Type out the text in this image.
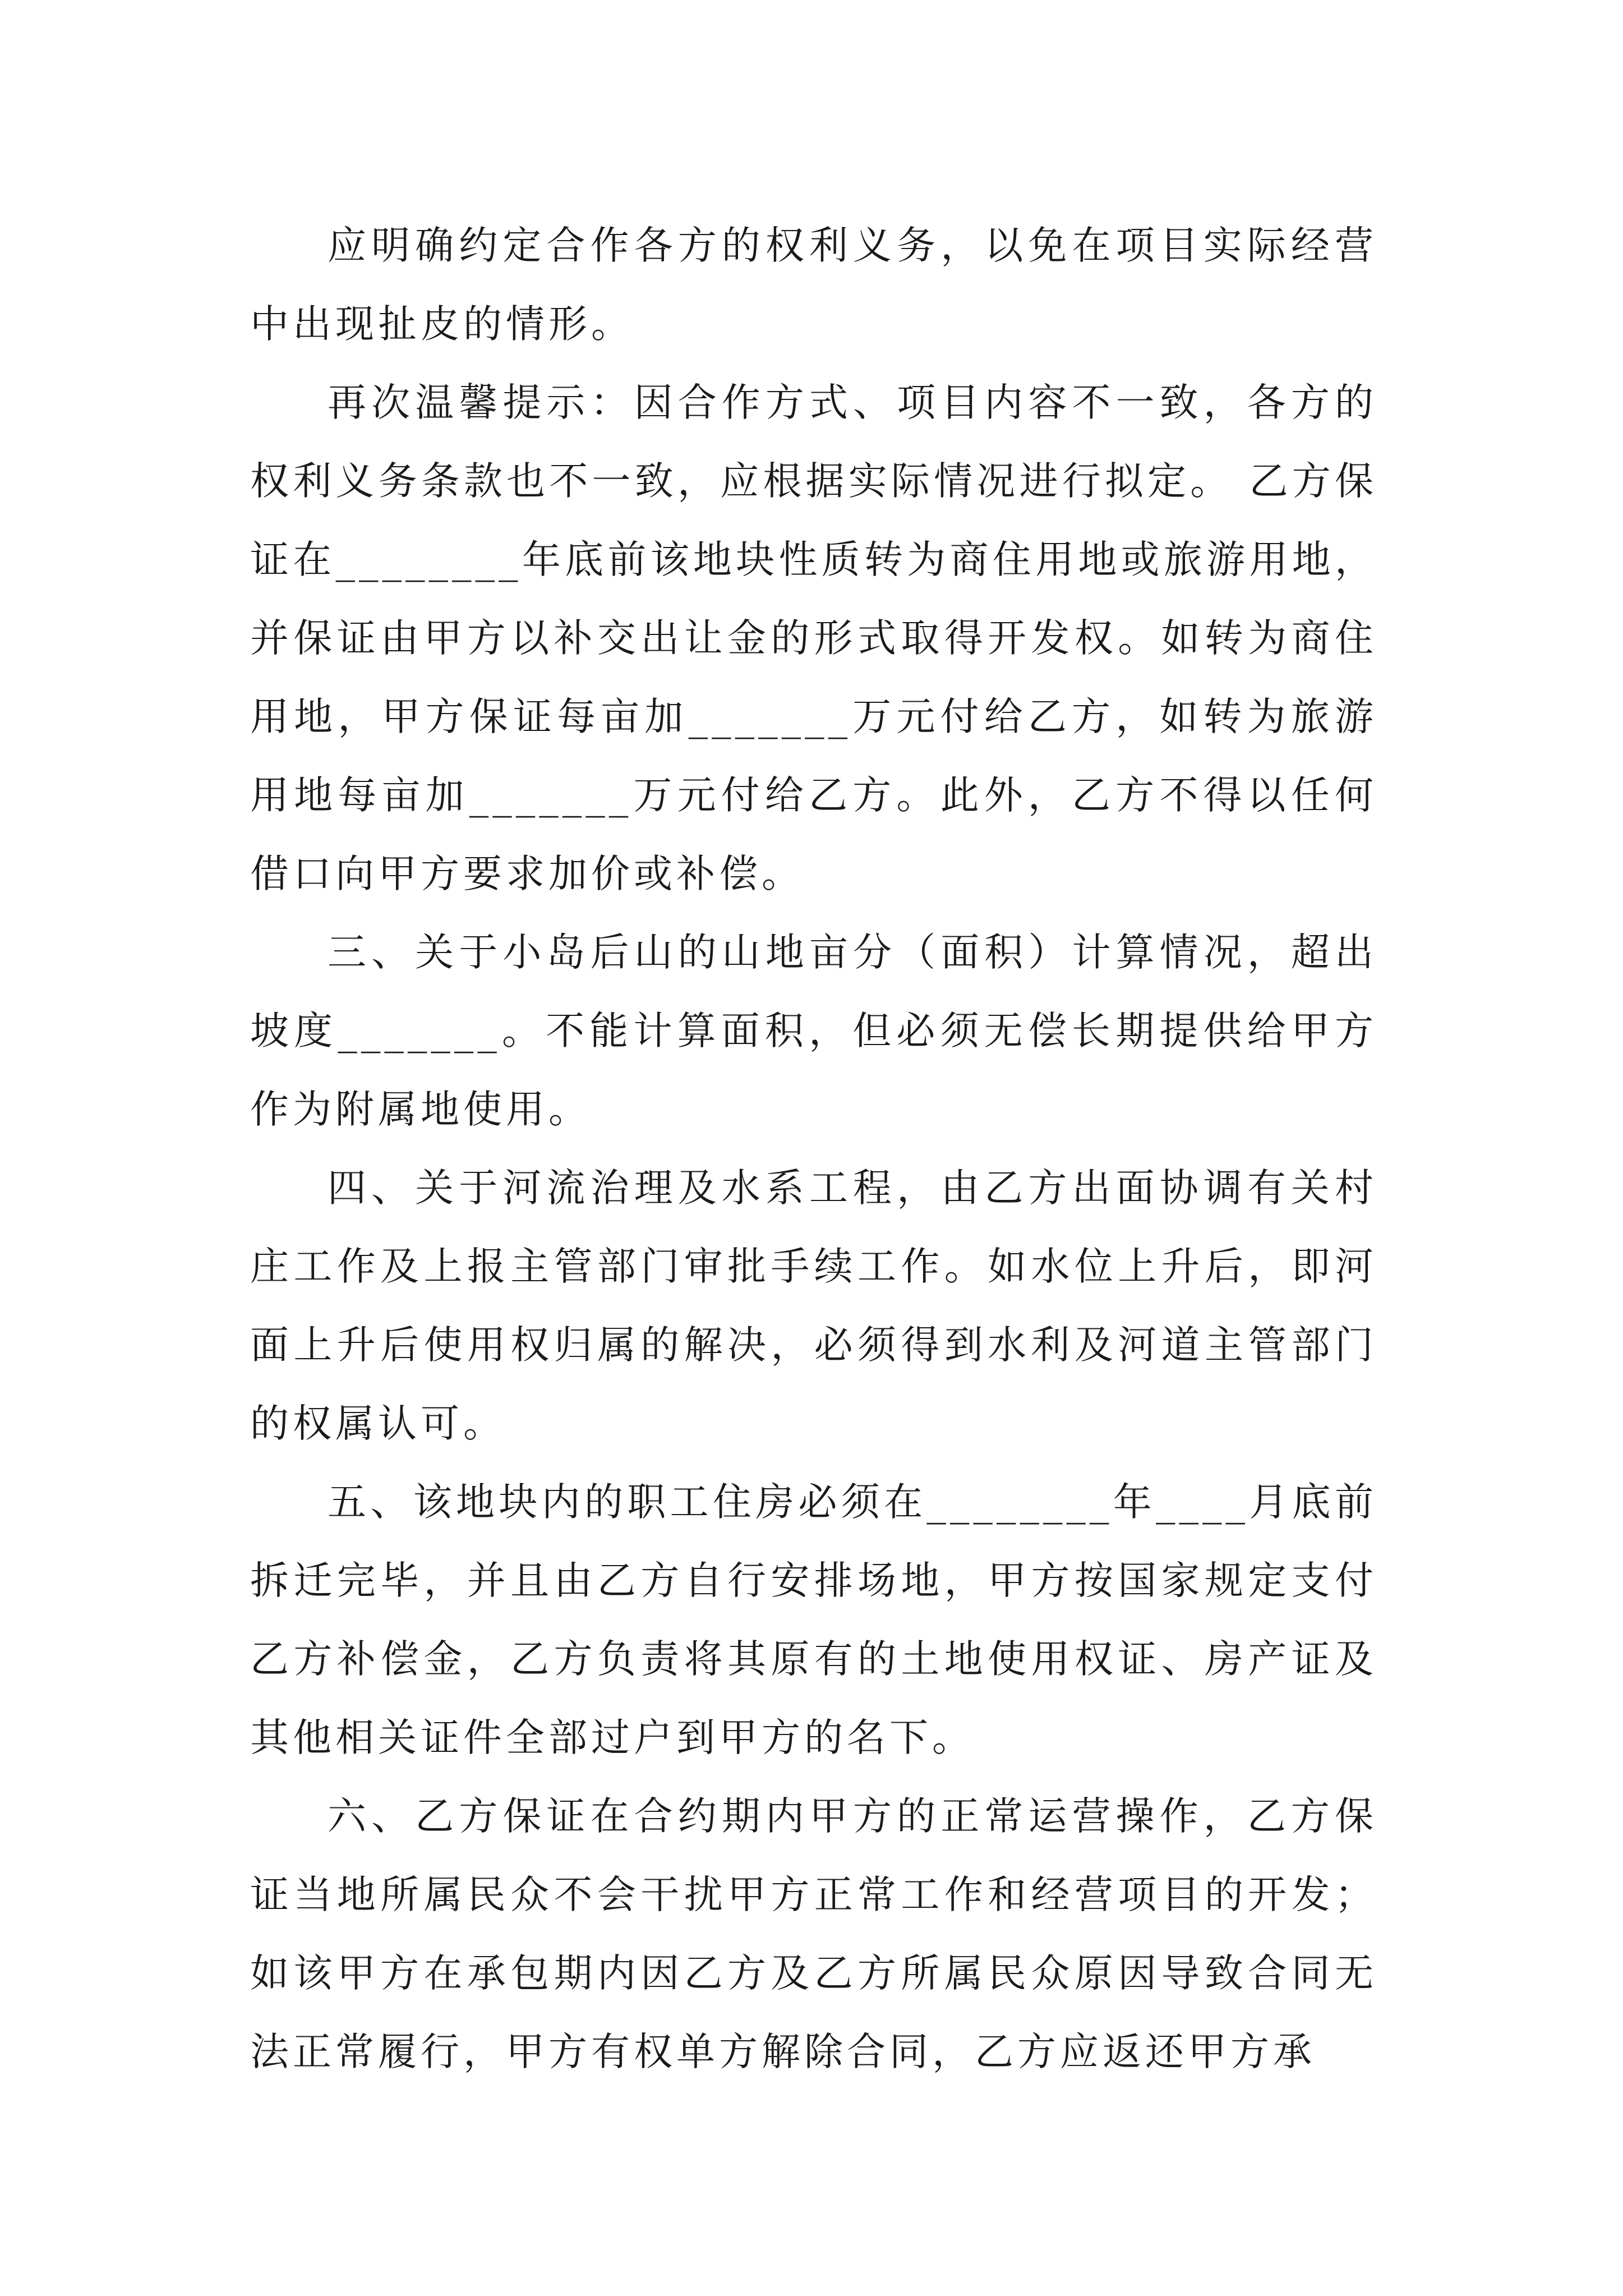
应明确约定合作各方的权利义务，以免在项目实际经营中出现扯皮的情形。

再次温馨提示：因合作方式、项目内容不一致，各方的权利义务条款也不一致，应根据实际情况进行拟定。 乙方保证在________年底前该地块性质转为商住用地或旅游用地，并保证由甲方以补交出让金的形式取得开发权。如转为商住用地，甲方保证每亩加_______万元付给乙方，如转为旅游用地每亩加_______万元付给乙方。此外，乙方不得以任何借口向甲方要求加价或补偿。

三、关于小岛后山的山地亩分（面积）计算情况，超出坡度_______。不能计算面积，但必须无偿长期提供给甲方作为附属地使用。

四、关于河流治理及水系工程，由乙方出面协调有关村庄工作及上报主管部门审批手续工作。如水位上升后，即河面上升后使用权归属的解决，必须得到水利及河道主管部门的权属认可。

五、该地块内的职工住房必须在________年____月底前拆迁完毕，并且由乙方自行安排场地，甲方按国家规定支付乙方补偿金，乙方负责将其原有的土地使用权证、房产证及其他相关证件全部过户到甲方的名下。

六、乙方保证在合约期内甲方的正常运营操作，乙方保证当地所属民众不会干扰甲方正常工作和经营项目的开发；如该甲方在承包期内因乙方及乙方所属民众原因导致合同无法正常履行，甲方有权单方解除合同，乙方应返还甲方承
